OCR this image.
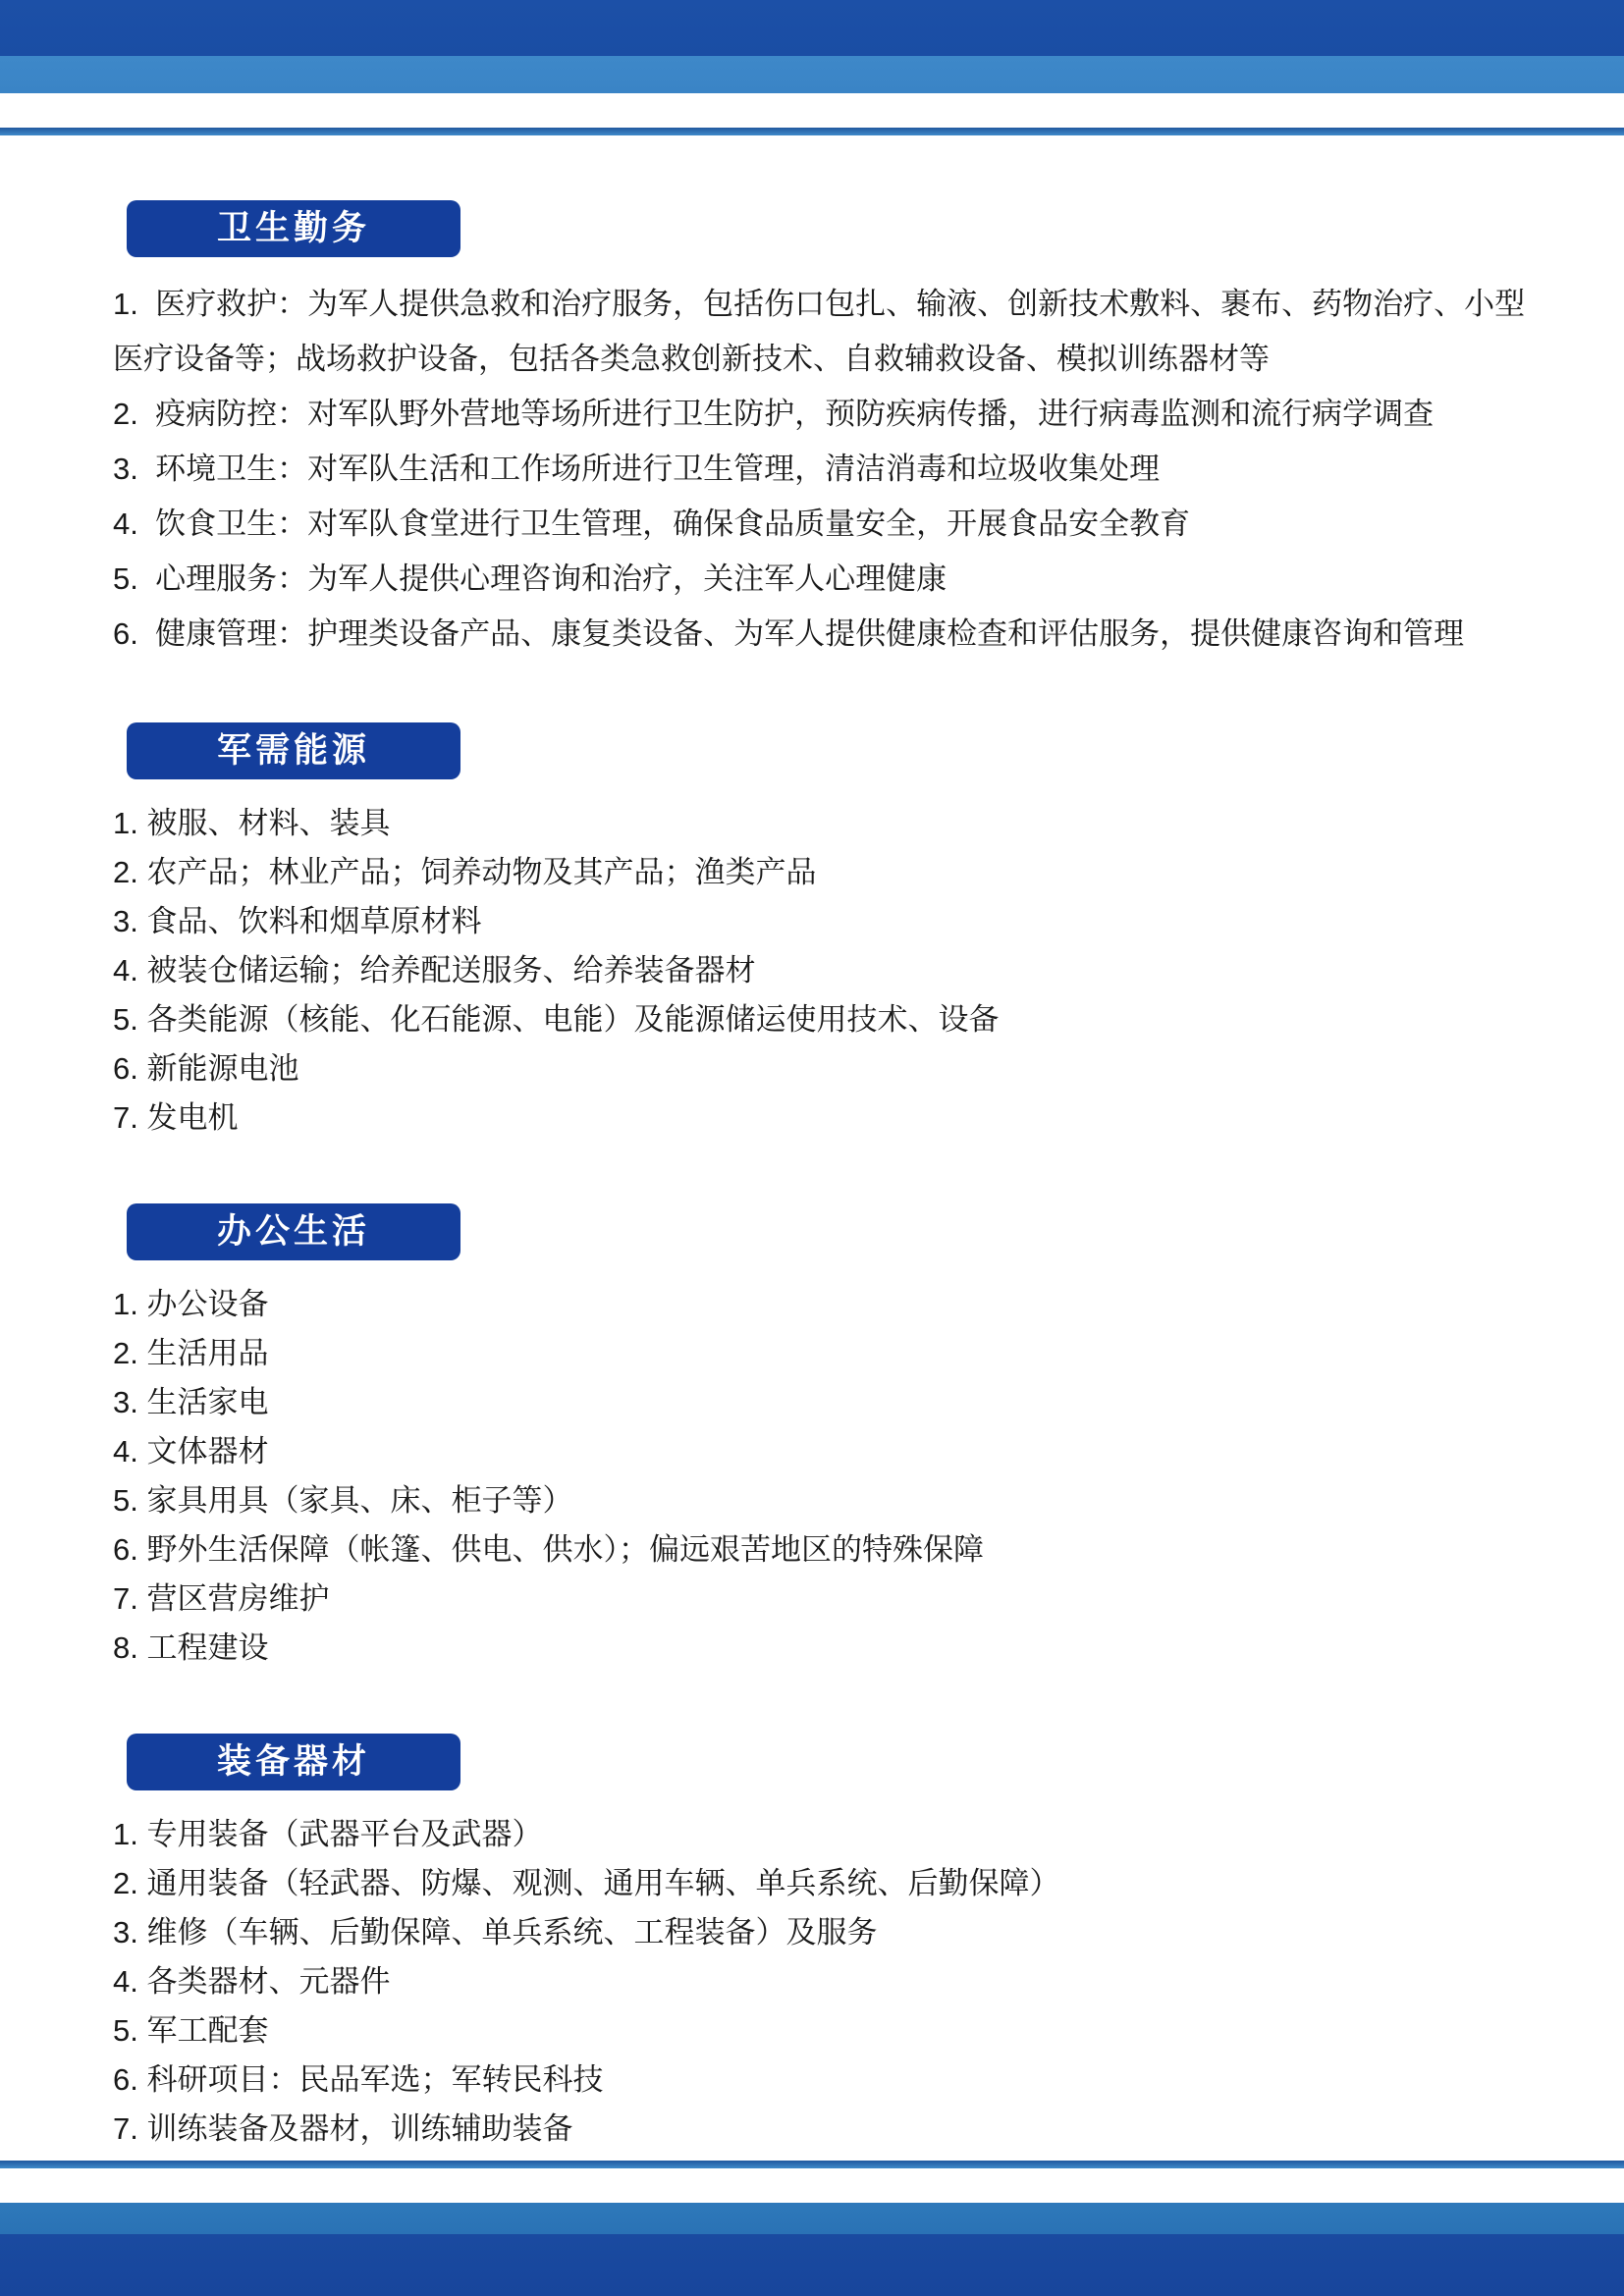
卫生勤务
1.  医疗救护：为军人提供急救和治疗服务，包括伤口包扎、输液、创新技术敷料、裹布、药物治疗、小型医疗设备等；战场救护设备，包括各类急救创新技术、自救辅救设备、模拟训练器材等
2.  疫病防控：对军队野外营地等场所进行卫生防护，预防疾病传播，进行病毒监测和流行病学调查
3.  环境卫生：对军队生活和工作场所进行卫生管理，清洁消毒和垃圾收集处理
4.  饮食卫生：对军队食堂进行卫生管理，确保食品质量安全，开展食品安全教育
5.  心理服务：为军人提供心理咨询和治疗，关注军人心理健康
6.  健康管理：护理类设备产品、康复类设备、为军人提供健康检查和评估服务，提供健康咨询和管理
军需能源
1. 被服、材料、装具
2. 农产品；林业产品；饲养动物及其产品；渔类产品
3. 食品、饮料和烟草原材料
4. 被装仓储运输；给养配送服务、给养装备器材
5. 各类能源（核能、化石能源、电能）及能源储运使用技术、设备
6. 新能源电池
7. 发电机
办公生活
1. 办公设备
2. 生活用品
3. 生活家电
4. 文体器材
5. 家具用具（家具、床、柜子等）
6. 野外生活保障（帐篷、供电、供水）；偏远艰苦地区的特殊保障
7. 营区营房维护
8. 工程建设
装备器材
1. 专用装备（武器平台及武器）
2. 通用装备（轻武器、防爆、观测、通用车辆、单兵系统、后勤保障）
3. 维修（车辆、后勤保障、单兵系统、工程装备）及服务
4. 各类器材、元器件
5. 军工配套
6. 科研项目：民品军选；军转民科技
7. 训练装备及器材，训练辅助装备
